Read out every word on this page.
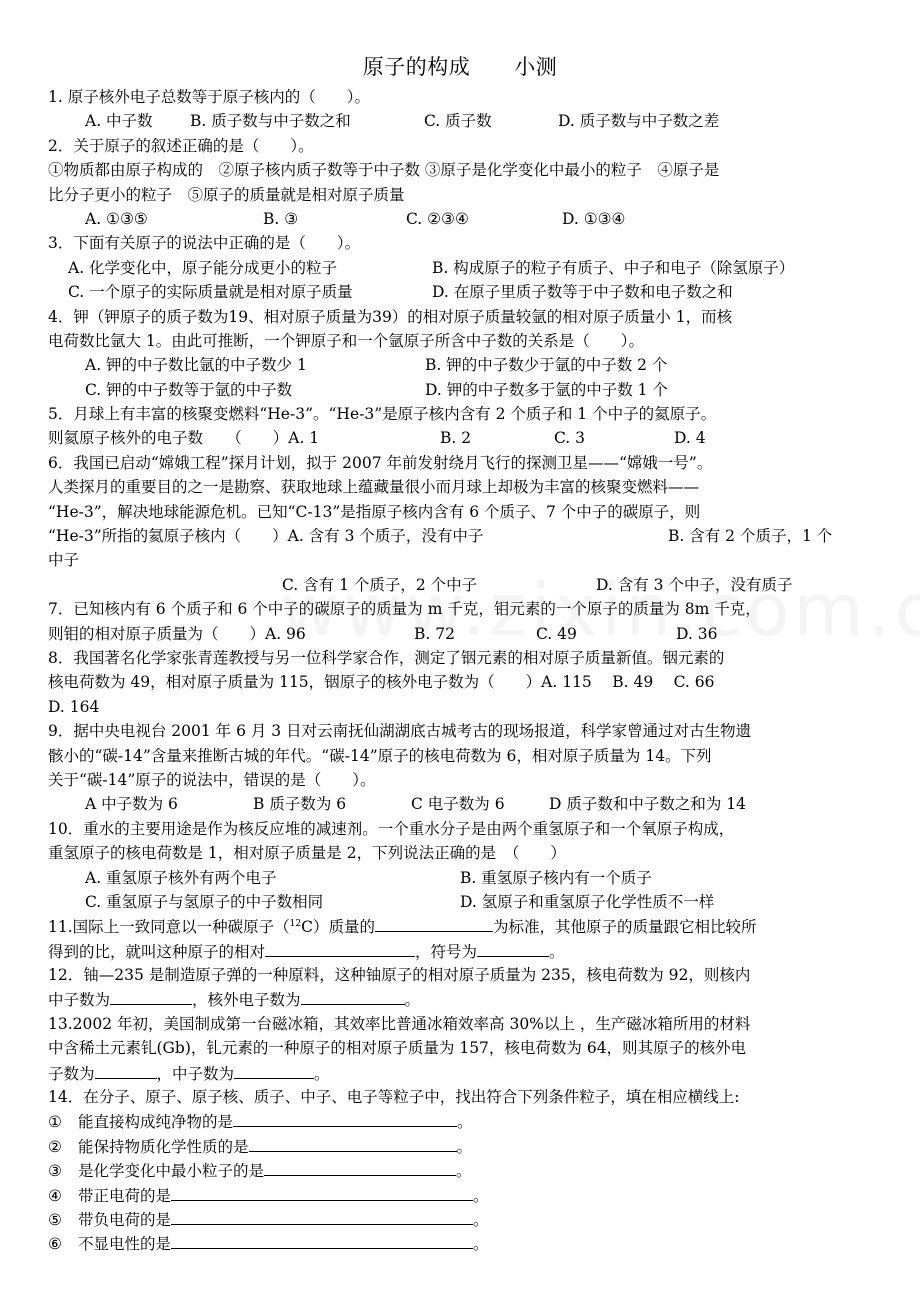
原子的构成 小测
1. 原子核外电子总数等于原子核内的（　　）。
A. 中子数 B. 质子数与中子数之和	C. 质子数	D. 质子数与中子数之差
2．关于原子的叙述正确的是（　　）。
①物质都由原子构成的　②原子核内质子数等于中子数 ③原子是化学变化中最小的粒子　④原子是
比分子更小的粒子　⑤原子的质量就是相对原子质量
A. ①③⑤	B. ③	C. ②③④	D. ①③④
3．下面有关原子的说法中正确的是（　　）。
A. 化学变化中，原子能分成更小的粒子	B. 构成原子的粒子有质子、中子和电子（除氢原子）
C. 一个原子的实际质量就是相对原子质量	D. 在原子里质子数等于中子数和电子数之和
4．钾（钾原子的质子数为19、相对原子质量为39）的相对原子质量较氩的相对原子质量小 1，而核
电荷数比氩大 1。由此可推断，一个钾原子和一个氩原子所含中子数的关系是（　　）。
A. 钾的中子数比氩的中子数少 1	B. 钾的中子数少于氩的中子数 2 个
C. 钾的中子数等于氩的中子数	D. 钾的中子数多于氩的中子数 1 个
5．月球上有丰富的核聚变燃料“He-3”。“He-3”是原子核内含有 2 个质子和 1 个中子的氦原子。
则氦原子核外的电子数　　（　　）A. 1	B. 2	C. 3	D. 4
6．我国已启动“嫦娥工程”探月计划，拟于 2007 年前发射绕月飞行的探测卫星——“嫦娥一号”。
人类探月的重要目的之一是勘察、获取地球上蕴藏量很小而月球上却极为丰富的核聚变燃料——
“He-3”，解决地球能源危机。已知“C-13”是指原子核内含有 6 个质子、7 个中子的碳原子，则
“He-3”所指的氦原子核内（　　）A. 含有 3 个质子，没有中子	B. 含有 2 个质子，1 个
中子
C. 含有 1 个质子，2 个中子	D. 含有 3 个中子，没有质子
7．已知核内有 6 个质子和 6 个中子的碳原子的质量为 m 千克，钼元素的一个原子的质量为 8m 千克，
则钼的相对原子质量为（　　）A. 96	B. 72	C. 49	D. 36
8．我国著名化学家张青莲教授与另一位科学家合作，测定了铟元素的相对原子质量新值。铟元素的
核电荷数为 49，相对原子质量为 115，铟原子的核外电子数为（　　）A. 115　 B. 49　 C. 66
D. 164
9．据中央电视台 2001 年 6 月 3 日对云南抚仙湖湖底古城考古的现场报道，科学家曾通过对古生物遗
骸小的“碳-14”含量来推断古城的年代。“碳-14”原子的核电荷数为 6，相对原子质量为 14。下列
关于“碳-14”原子的说法中，错误的是（　　）。
A 中子数为 6	B 质子数为 6	C 电子数为 6	D 质子数和中子数之和为 14
10．重水的主要用途是作为核反应堆的减速剂。一个重水分子是由两个重氢原子和一个氧原子构成，
重氢原子的核电荷数是 1，相对原子质量是 2，下列说法正确的是　（　　）
A. 重氢原子核外有两个电子	B. 重氢原子核内有一个质子
C. 重氢原子与氢原子的中子数相同	D. 氢原子和重氢原子化学性质不一样
11.国际上一致同意以一种碳原子（$^{12}$C）质量的	为标准，其他原子的质量跟它相比较所
得到的比，就叫这种原子的相对	，符号为	。
12．铀—235 是制造原子弹的一种原料，这种铀原子的相对原子质量为 235，核电荷数为 92，则核内
中子数为	，核外电子数为	。
13.2002 年初，美国制成第一台磁冰箱，其效率比普通冰箱效率高 30%以上 ，生产磁冰箱所用的材料
中含稀土元素钆(Gb)，钆元素的一种原子的相对原子质量为 157，核电荷数为 64，则其原子的核外电
子数为	，中子数为	。
14．在分子、原子、原子核、质子、中子、电子等粒子中，找出符合下列条件粒子，填在相应横线上:
① 能直接构成纯净物的是	。
② 能保持物质化学性质的是	。
③ 是化学变化中最小粒子的是	。
④ 带正电荷的是	。
⑤ 带负电荷的是	。
⑥ 不显电性的是	。
